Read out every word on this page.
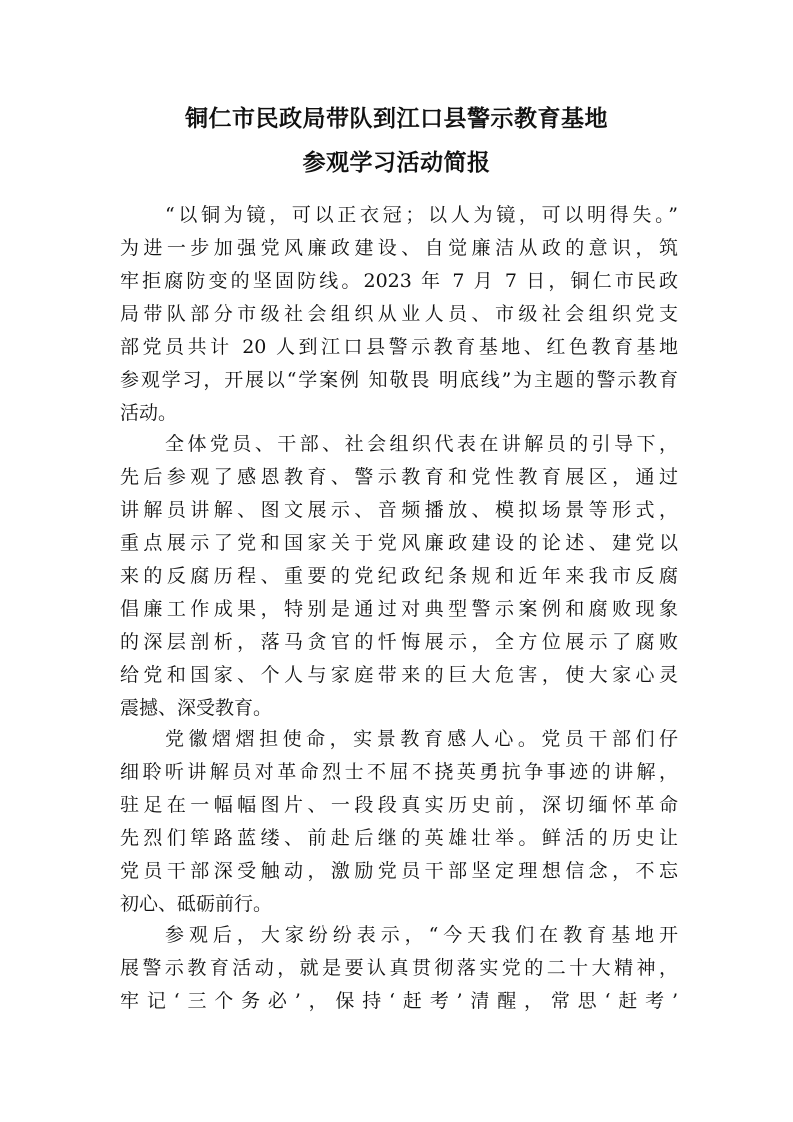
铜仁市民政局带队到江口县警示教育基地
参观学习活动简报
“以铜为镜，可以正衣冠；以人为镜，可以明得失。”
为进一步加强党风廉政建设、自觉廉洁从政的意识，筑
牢拒腐防变的坚固防线。2023 年 7 月 7 日，铜仁市民政
局带队部分市级社会组织从业人员、市级社会组织党支
部党员共计 20 人到江口县警示教育基地、红色教育基地
参观学习，开展以“学案例 知敬畏 明底线”为主题的警示教育
活动。
全体党员、干部、社会组织代表在讲解员的引导下，
先后参观了感恩教育、警示教育和党性教育展区，通过
讲解员讲解、图文展示、音频播放、模拟场景等形式，
重点展示了党和国家关于党风廉政建设的论述、建党以
来的反腐历程、重要的党纪政纪条规和近年来我市反腐
倡廉工作成果，特别是通过对典型警示案例和腐败现象
的深层剖析，落马贪官的忏悔展示，全方位展示了腐败
给党和国家、个人与家庭带来的巨大危害，使大家心灵
震撼、深受教育。
党徽熠熠担使命，实景教育感人心。党员干部们仔
细聆听讲解员对革命烈士不屈不挠英勇抗争事迹的讲解，
驻足在一幅幅图片、一段段真实历史前，深切缅怀革命
先烈们筚路蓝缕、前赴后继的英雄壮举。鲜活的历史让
党员干部深受触动，激励党员干部坚定理想信念，不忘
初心、砥砺前行。
参观后，大家纷纷表示，“今天我们在教育基地开
展警示教育活动，就是要认真贯彻落实党的二十大精神，
牢记‘三个务必’，保持‘赶考’清醒，常思‘赶考’
